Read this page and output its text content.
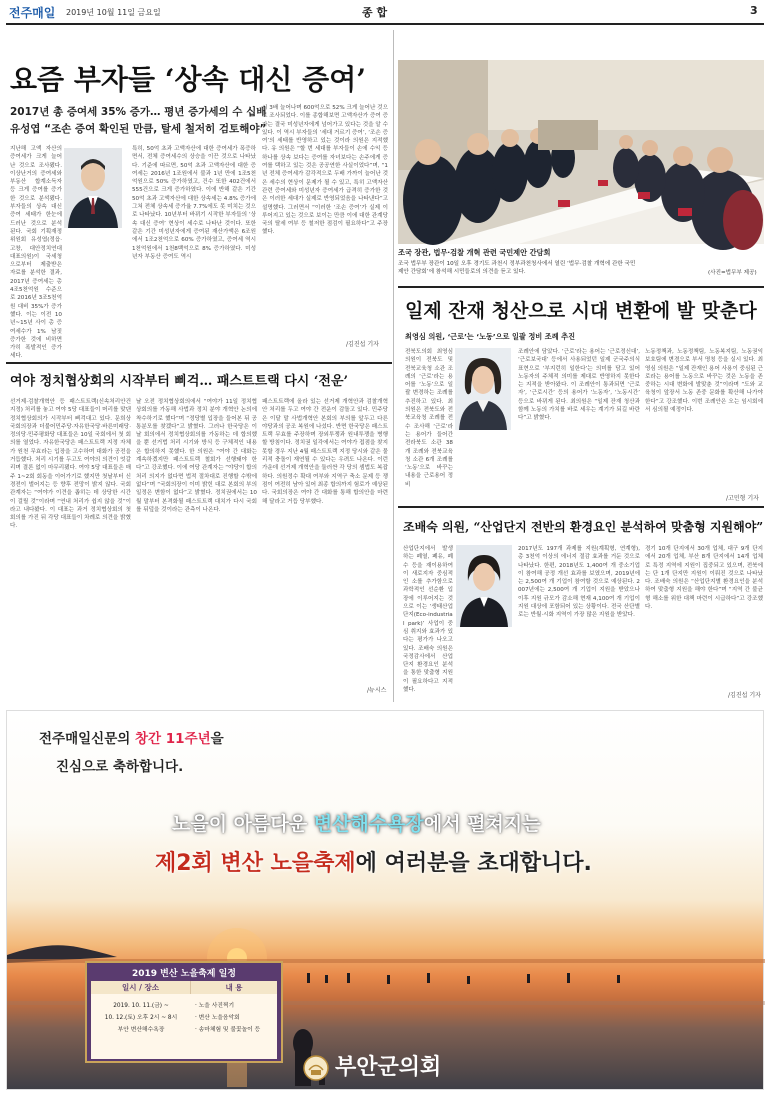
전주매일 2019년 10월 11일 금요일	종 합	3
요즘 부자들 ‘상속 대신 증여’
2017년 총 증여세 35% 증가… 평년 증가세의 수 십배
유성엽 “조손 증여 확인된 만큼, 탈세 철저히 검토해야”
지난해 고액 자산의 증여세가 크게 늘어난 것으로 조사됐다. 이상난거의 증여세와 부동산 합계소득자 등 크게 증여를 증가한 것으로 분석됐다. 부자들의 상속 대신 증여 세태가 한눈에 드러난 것으로 분석된다. 국회 기획재정위원회 유성엽(정읍·고창, 대안정치연대 대표의원)이 국세청으로부터 제출받은 자료를 분석한 결과, 2017년 증여세는 총 4조5천억원 수준으로 2016년 3조5천억원 대비 35%가 증가했다. 이는 이전 10년~15년 사이 총 증여세수가 1% 남짓 증가한 것에 비하면 가히 폭발적인 증가세다.
특히, 50억 초과 고액자산에 대한 증여세가 폭증하면서, 전체 증여세수의 상승을 이끈 것으로 나타났다. 기준에 따르면, 50억 초과 고액자산에 대한 증여세는 2016년 1조원에서 불과 1년 만에 1조5천억원으로 50% 증가하였고, 건수 또한 402건에서 555건으로 크게 증가하였다. 이에 반해 같은 기간 50억 초과 고액자산에 대한 상속세는 4.8% 증가에 그쳐 전체 상속세 증가율 7.7%에도 못 미치는 것으로 나타났다. 10년부터 바뀌기 시작한 부자들의 ‘상속 대신 증여’ 현상이 세수로 나타난 것이다. 또한 같은 기간 미성년자에게 증여된 재산가액은 6조원에서 1조2천억으로 60% 증가하였고, 증여세 역시 1천억원에서 1천8백억으로 8% 증가하였다. 미성년자 부동산 증여도 역시
시 3배 늘어나며 600억으로 52% 크게 늘어난 것으로 조사되었다. 이를 종합해보면 고액자산가 증여 증가는 결국 미성년자에게 넘어가고 있다는 것을 알 수 있다. 이 역시 부자들의 ‘세대 거르기 증여’, ‘조손 증여’의 세태를 반영하고 있는 것이라 의원은 지적했다. 유 의원은 “할 번 세대를 부자들이 손에 수익 등 하나를 상속 보다는 증여를 자녀보다는 손주에게 증여를 택하고 있는 것은 공공연한 사실이었다”며, “1년 전체 증여세가 감각적으로 두배 가까이 늘어난 것은 세수의 현상이 문제가 될 수 있고, 특히 고액자산 관련 증여세와 미성년자 증여세가 급격히 증가한 것은 이러한 세대가 실제로 반영되었음을 나타낸다”고 설명했다. 그러면서 “이러한 ‘조손 증여’가 실제 이루어지고 있는 것으로 보이는 만큼 이에 대한 관계당국의 탈세 여부 등 철저한 점검이 필요하다”고 주장했다.
/김진섭 기자
조국 장관, 법무·검찰 개혁 관련 국민제안 간담회
조국 법무부 장관이 10일 오후 경기도 과천시 정부과천청사에서 열린 ‘법무·검찰 개혁에 관한 국민제안 간담회’에 참석해 시민들로의 의견을 듣고 있다.	(사진=법무부 제공)
여야 정치협상회의 시작부터 삐걱… 패스트트랙 다시 ‘전운’
선거제·검찰개혁안 등 패스트트랙(신속처리안건 지정) 처리를 놓고 여야 5당 대표들이 머리를 맞댄 정치협상회의가 시작부터 삐걱대고 있다. 문희상 국회의장과 더불어민주당·자유한국당·바른미래당·정의당·민주평화당 대표들은 10일 국회에서 첫 회의를 열었다. 자유한국당은 패스트트랙 지정 자체가 원천 무효라는 입장을 고수하며 대화가 공전을 거듭했다. 처리 시기를 두고도 여야의 의견이 엇갈리며 결론 없이 마무리됐다. 여야 5당 대표들은 매주 1~2회 회동을 이어가기로 했지만 첫날부터 신경전이 벌어지는 등 향후 전망이 밝지 않다. 국회 관계자는 “여야가 이견을 좁히는 데 상당한 시간이 걸릴 것”이라며 “연내 처리가 쉽지 않을 것”이라고 내다봤다. 이 대표는 과거 정치협상회의 첫 회의를 가진 뒤 각당 대표들이 차례로 의견을 밝혔다.
날 오전 정치협상회의에서 “여야가 11일 정치협상회의를 가동해 사법과 정치 분야 개혁안 논의에 착수하기로 했다”며 “정당별 입장을 들어본 뒤 공통분모를 찾겠다”고 밝혔다. 그러나 한국당은 이날 회의에서 정치협상회의를 가동하는 데 합의했을 뿐 선거법 처리 시기와 방식 등 구체적인 내용은 합의하지 못했다. 한 의원은 “여야 간 대화는 계속하겠지만 패스트트랙 철회가 선행돼야 한다”고 강조했다. 이에 여당 관계자는 “야당이 합의 처리 의지가 없다면 법적 절차대로 진행할 수밖에 없다”며 “국회의장이 이미 밝힌 대로 본회의 부의 일정은 변함이 없다”고 밝혔다. 정치권에서는 10월 말부터 본격화될 패스트트랙 대치가 다시 국회를 뒤덮을 것이라는 관측이 나온다.
패스트트랙에 올라 있는 선거제 개혁안과 검찰개혁안 처리를 두고 여야 간 전운이 감돌고 있다. 민주당은 이달 말 사법개혁안 본회의 부의를 앞두고 다른 야당과의 공조 복원에 나섰다. 반면 한국당은 패스트트랙 무효를 주장하며 장외투쟁과 원내투쟁을 병행할 방침이다. 정치권 일각에서는 여야가 접점을 찾지 못할 경우 지난 4월 패스트트랙 지정 당시와 같은 물리적 충돌이 재연될 수 있다는 우려도 나온다. 이런 가운데 선거제 개혁안을 둘러싼 각 당의 셈법도 복잡하다. 의원정수 확대 여부와 지역구 축소 문제 등 쟁점이 여전히 남아 있어 최종 합의까지 험로가 예상된다. 국회의장은 여야 간 대화를 통해 합의안을 마련해 달라고 거듭 당부했다.
/뉴시스
일제 잔재 청산으로 시대 변환에 발 맞춘다
최영심 의원, ‘근로’는 ‘노동’으로 일괄 정비 조례 추진
전북도의회 최영심 의원이 전북도 및 전북교육청 소관 조례의 ‘근로’라는 용어를 ‘노동’으로 일괄 변경하는 조례를 추진하고 있다. 최의원은 전북도와 전북교육청 조례를 전수 조사해 ‘근로’라는 용어가 들어간 전라북도 소관 38개 조례와 전북교육청 소관 6개 조례를 ‘노동’으로 바꾸는 내용을 근로용어 정비
조례안에 담았다. ‘근로’라는 용어는 ‘근로정신대’, ‘근로보국대’ 등에서 사용되었던 일제 군국주의식 표현으로 ‘부지런히 일한다’는 의미를 담고 있어 노동자의 주체적 의미를 제대로 반영하지 못한다는 지적을 받아왔다. 이 조례안이 통과되면 ‘근로자’, ‘근로시간’ 등의 용어가 ‘노동자’, ‘노동시간’ 등으로 바뀌게 된다. 최의원은 “일제 잔재 청산과 함께 노동의 가치를 바로 세우는 계기가 되길 바란다”고 밝혔다.
노동정책과, 노동정책팀, 노동복지팀, 노동권익보호팀에 변경으로 부서 명칭 등을 실시 있다. 최영심 의원은 “일제 잔재인 용어 사용이 중심된 근로라는 용어를 노동으로 바꾸는 것은 노동을 존중하는 시대 변화에 발맞춘 것”이라며 “도와 교육청이 앞장서 노동 존중 문화를 확산해 나가야 한다”고 강조했다. 이번 조례안은 오는 임시회에서 심의될 예정이다.
/고민형 기자
조배숙 의원, “산업단지 전반의 환경요인 분석하여 맞춤형 지원해야”
산업단지에서 발생하는 폐열, 폐유, 폐수 등을 재이용하여 이 새로지자 중심적인 소를 추가함으로 과학적인 선순환 입장에 이루어지는 것으로 이는 ‘생태산업단지(Eco-industrial park)’ 사업이 중심 취지와 효과가 있다는 평가가 나오고 있다. 조배숙 의원은 국정감사에서 산업단지 환경요인 분석을 통한 맞춤형 지원이 필요하다고 지적했다.
2017년도 197개 과제를 지원(계획형, 연계형), 총 3천억 이상의 에너지 절감 효과를 거둔 것으로 나타났다. 한편, 2018년도 1,400여 개 중소기업이 참여해 공정 개선 효과를 보였으며, 2019년에는 2,500여 개 기업이 참여할 것으로 예상된다. 2007년에는 2,500여 개 기업이 지원을 받았으나 이후 지원 규모가 감소해 현재 4,100여 개 기업이 지원 대상에 포함되어 있는 상황이다. 전국 산단별로는 반월·시화 지역이 가장 많은 지원을 받았다.
경기 10개 단지에서 30개 업체, 대구 9개 단지에서 20개 업체, 부산 8개 단지에서 14개 업체로 특정 지역에 지원이 집중되고 있으며, 전북에는 단 1개 단지만 지원이 이뤄진 것으로 나타났다. 조배숙 의원은 “산업단지별 환경요인을 분석하여 맞춤형 지원을 해야 한다”며 “지역 간 불균형 해소를 위한 대책 마련이 시급하다”고 강조했다.
/김진섭 기자
전주매일신문의 창간 11주년을
진심으로 축하합니다.
노을이 아름다운 변산해수욕장에서 펼쳐지는
제2회 변산 노을축제에 여러분을 초대합니다.
2019 변산 노을축제 일정
일시 / 장소	내 용
2019. 10. 11.(금) ~
10. 12.(토) 오후 2시 ~ 8시
부안 변산해수욕장
· 노을 사진찍기
· 변산 노을음악회
· 송마체험 및 불꽃놀이 등
부안군의회
